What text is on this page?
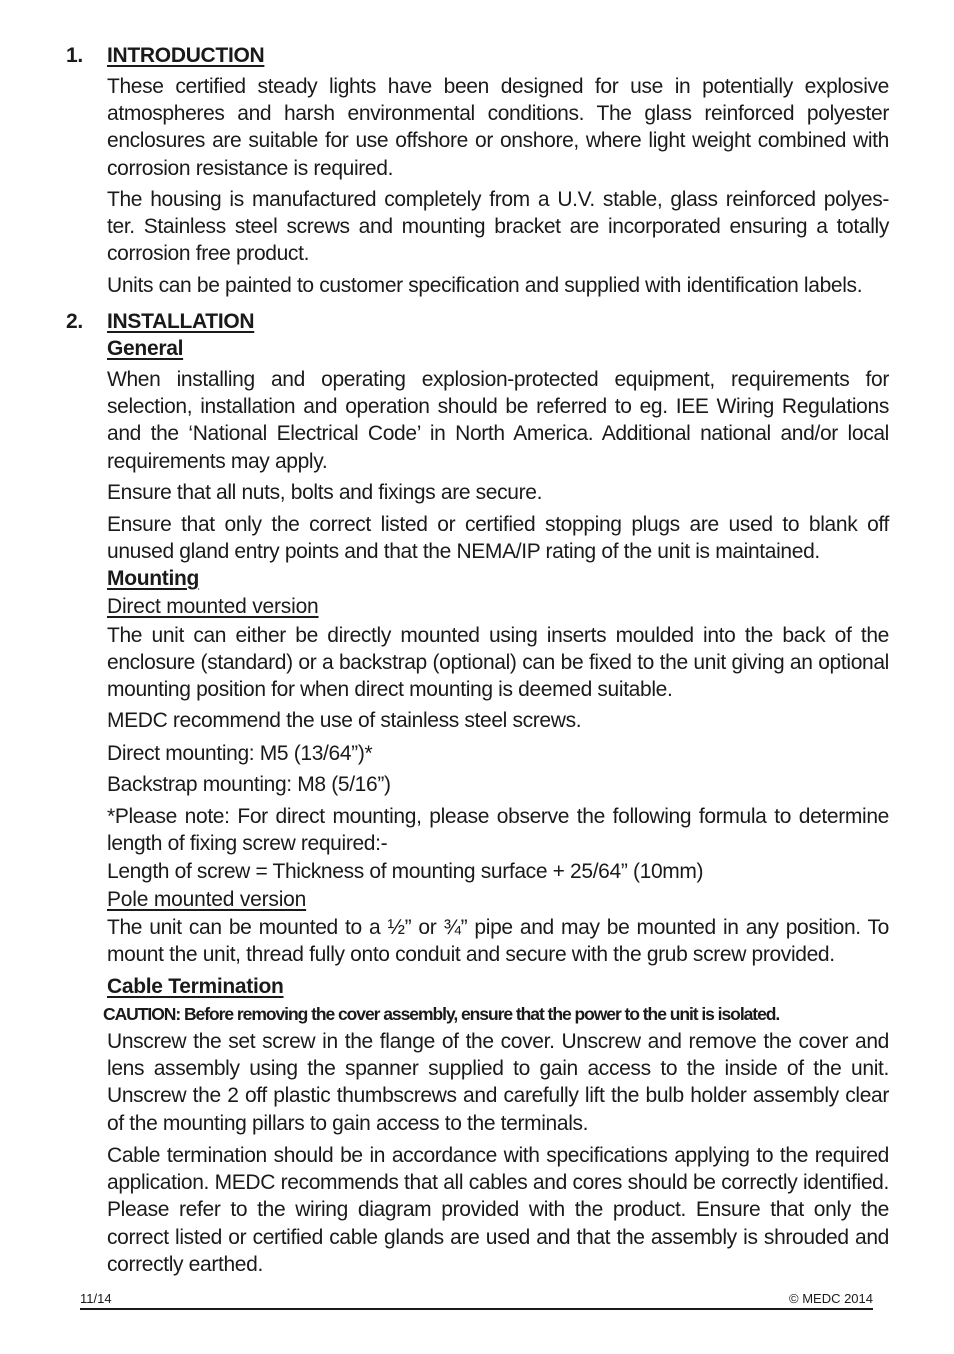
1. INTRODUCTION

These certified steady lights have been designed for use in potentially explosive atmospheres and harsh environmental conditions. The glass reinforced polyester enclosures are suitable for use offshore or onshore, where light weight combined with corrosion resistance is required.

The housing is manufactured completely from a U.V. stable, glass reinforced polyes- ter. Stainless steel screws and mounting bracket are incorporated ensuring a totally corrosion free product.

Units can be painted to customer specification and supplied with identification labels.

2. INSTALLATION
General

When installing and operating explosion-protected equipment, requirements for selection, installation and operation should be referred to eg. IEE Wiring Regulations and the ‘National Electrical Code’ in North America. Additional national and/or local requirements may apply.

Ensure that all nuts, bolts and fixings are secure.

Ensure that only the correct listed or certified stopping plugs are used to blank off unused gland entry points and that the NEMA/IP rating of the unit is maintained.

Mounting
Direct mounted version

The unit can either be directly mounted using inserts moulded into the back of the enclosure (standard) or a backstrap (optional) can be fixed to the unit giving an optional mounting position for when direct mounting is deemed suitable.

MEDC recommend the use of stainless steel screws.

Direct mounting: M5 (13/64”)*

Backstrap mounting: M8 (5/16”)

*Please note: For direct mounting, please observe the following formula to determine length of fixing screw required:-

Length of screw = Thickness of mounting surface + 25/64” (10mm)

Pole mounted version

The unit can be mounted to a ½” or ¾” pipe and may be mounted in any position. To mount the unit, thread fully onto conduit and secure with the grub screw provided.

Cable Termination

CAUTION: Before removing the cover assembly, ensure that the power to the unit is isolated.

Unscrew the set screw in the flange of the cover. Unscrew and remove the cover and lens assembly using the spanner supplied to gain access to the inside of the unit. Unscrew the 2 off plastic thumbscrews and carefully lift the bulb holder assembly clear of the mounting pillars to gain access to the terminals.

Cable termination should be in accordance with specifications applying to the required application. MEDC recommends that all cables and cores should be correctly identified. Please refer to the wiring diagram provided with the product. Ensure that only the correct listed or certified cable glands are used and that the assembly is shrouded and correctly earthed.

11/14	© MEDC 2014
